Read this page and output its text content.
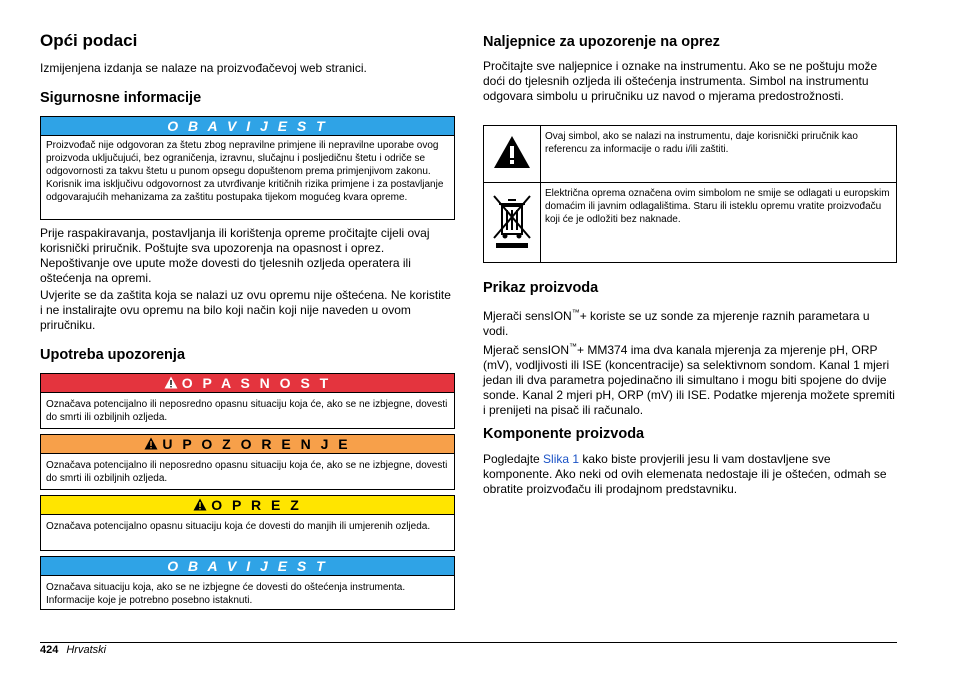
Opći podaci

Izmijenjena izdanja se nalaze na proizvođačevoj web stranici.

Sigurnosne informacije
O B A V I J E S T
Proizvođač nije odgovoran za štetu zbog nepravilne primjene ili nepravilne uporabe ovog proizvoda uključujući, bez ograničenja, izravnu, slučajnu i posljedičnu štetu i odriče se odgovornosti za takvu štetu u punom opsegu dopuštenom prema primjenjivom zakonu. Korisnik ima isključivu odgovornost za utvrđivanje kritičnih rizika primjene i za postavljanje odgovarajućih mehanizama za zaštitu postupaka tijekom mogućeg kvara opreme.

Prije raspakiravanja, postavljanja ili korištenja opreme pročitajte cijeli ovaj korisnički priručnik. Poštujte sva upozorenja na opasnost i oprez. Nepoštivanje ove upute može dovesti do tjelesnih ozljeda operatera ili oštećenja na opremi.

Uvjerite se da zaštita koja se nalazi uz ovu opremu nije oštećena. Ne koristite i ne instalirajte ovu opremu na bilo koji način koji nije naveden u ovom priručniku.

Upotreba upozorenja
O P A S N O S T
Označava potencijalno ili neposredno opasnu situaciju koja će, ako se ne izbjegne, dovesti do smrti ili ozbiljnih ozljeda.
U P O Z O R E N J E
Označava potencijalno ili neposredno opasnu situaciju koja će, ako se ne izbjegne, dovesti do smrti ili ozbiljnih ozljeda.
O P R E Z
Označava potencijalno opasnu situaciju koja će dovesti do manjih ili umjerenih ozljeda.
O B A V I J E S T
Označava situaciju koja, ako se ne izbjegne će dovesti do oštećenja instrumenta. Informacije koje je potrebno posebno istaknuti.
Naljepnice za upozorenje na oprez

Pročitajte sve naljepnice i oznake na instrumentu. Ako se ne poštuju može doći do tjelesnih ozljeda ili oštećenja instrumenta. Simbol na instrumentu odgovara simbolu u priručniku uz navod o mjerama predostrožnosti.

	Ovaj simbol, ako se nalazi na instrumentu, daje korisnički priručnik kao referencu za informacije o radu i/ili zaštiti.
	Električna oprema označena ovim simbolom ne smije se odlagati u europskim domaćim ili javnim odlagalištima. Staru ili isteklu opremu vratite proizvođaču koji će je odložiti bez naknade.
Prikaz proizvoda

Mjerači sensION™+ koriste se uz sonde za mjerenje raznih parametara u vodi.

Mjerač sensION™+ MM374 ima dva kanala mjerenja za mjerenje pH, ORP (mV), vodljivosti ili ISE (koncentracije) sa selektivnom sondom. Kanal 1 mjeri jedan ili dva parametra pojedinačno ili simultano i mogu biti spojene do dvije sonde. Kanal 2 mjeri pH, ORP (mV) ili ISE. Podatke mjerenja možete spremiti i prenijeti na pisač ili računalo.

Komponente proizvoda

Pogledajte Slika 1 kako biste provjerili jesu li vam dostavljene sve komponente. Ako neki od ovih elemenata nedostaje ili je oštećen, odmah se obratite proizvođaču ili prodajnom predstavniku.

424 Hrvatski
